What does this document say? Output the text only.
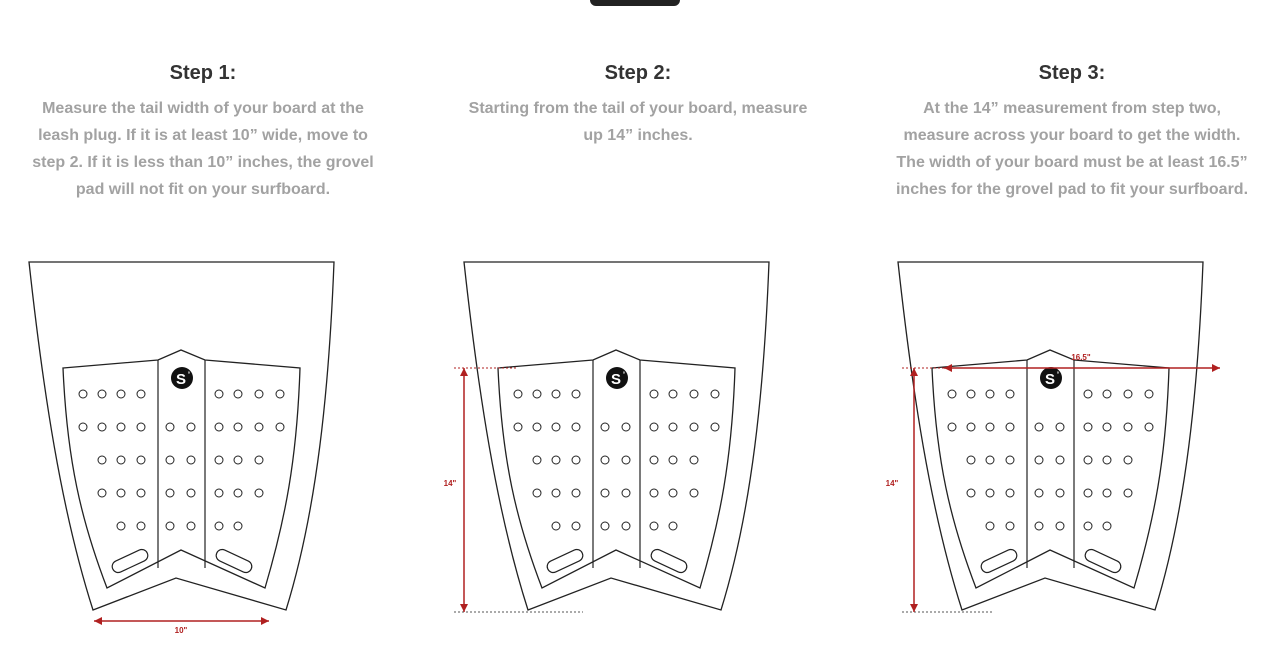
Step 1:

Measure the tail width of your board at the leash plug. If it is at least 10” wide, move to step 2. If it is less than 10” inches, the grovel pad will not fit on your surfboard.

S °
10"
Step 2:

Starting from the tail of your board, measure up 14” inches.

S °
14"
Step 3:

At the 14” measurement from step two, measure across your board to get the width. The width of your board must be at least 16.5” inches for the grovel pad to fit your surfboard.

S °
14"
16.5"
